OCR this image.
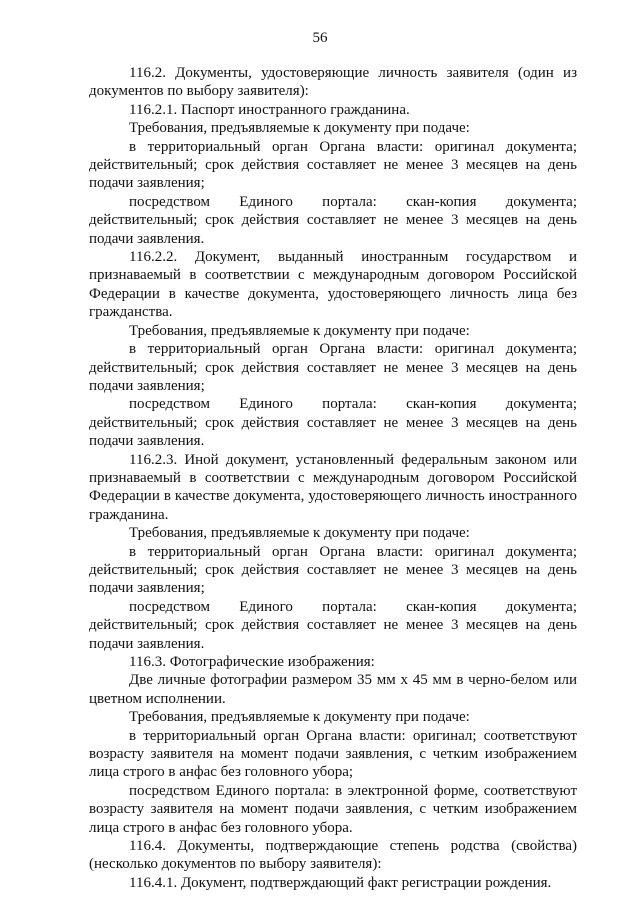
56

116.2. Документы, удостоверяющие личность заявителя (один из документов по выбору заявителя):

116.2.1. Паспорт иностранного гражданина.

Требования, предъявляемые к документу при подаче:

в территориальный орган Органа власти: оригинал документа; действительный; срок действия составляет не менее 3 месяцев на день подачи заявления;

посредством Единого портала: скан-копия документа; действительный; срок действия составляет не менее 3 месяцев на день подачи заявления.

116.2.2. Документ, выданный иностранным государством и признаваемый в соответствии с международным договором Российской Федерации в качестве документа, удостоверяющего личность лица без гражданства.

Требования, предъявляемые к документу при подаче:

в территориальный орган Органа власти: оригинал документа; действительный; срок действия составляет не менее 3 месяцев на день подачи заявления;

посредством Единого портала: скан-копия документа; действительный; срок действия составляет не менее 3 месяцев на день подачи заявления.

116.2.3. Иной документ, установленный федеральным законом или признаваемый в соответствии с международным договором Российской Федерации в качестве документа, удостоверяющего личность иностранного гражданина.

Требования, предъявляемые к документу при подаче:

в территориальный орган Органа власти: оригинал документа; действительный; срок действия составляет не менее 3 месяцев на день подачи заявления;

посредством Единого портала: скан-копия документа; действительный; срок действия составляет не менее 3 месяцев на день подачи заявления.

116.3. Фотографические изображения:

Две личные фотографии размером 35 мм х 45 мм в черно-белом или цветном исполнении.

Требования, предъявляемые к документу при подаче:

в территориальный орган Органа власти: оригинал; соответствуют возрасту заявителя на момент подачи заявления, с четким изображением лица строго в анфас без головного убора;

посредством Единого портала: в электронной форме, соответствуют возрасту заявителя на момент подачи заявления, с четким изображением лица строго в анфас без головного убора.

116.4. Документы, подтверждающие степень родства (свойства) (несколько документов по выбору заявителя):

116.4.1. Документ, подтверждающий факт регистрации рождения.
